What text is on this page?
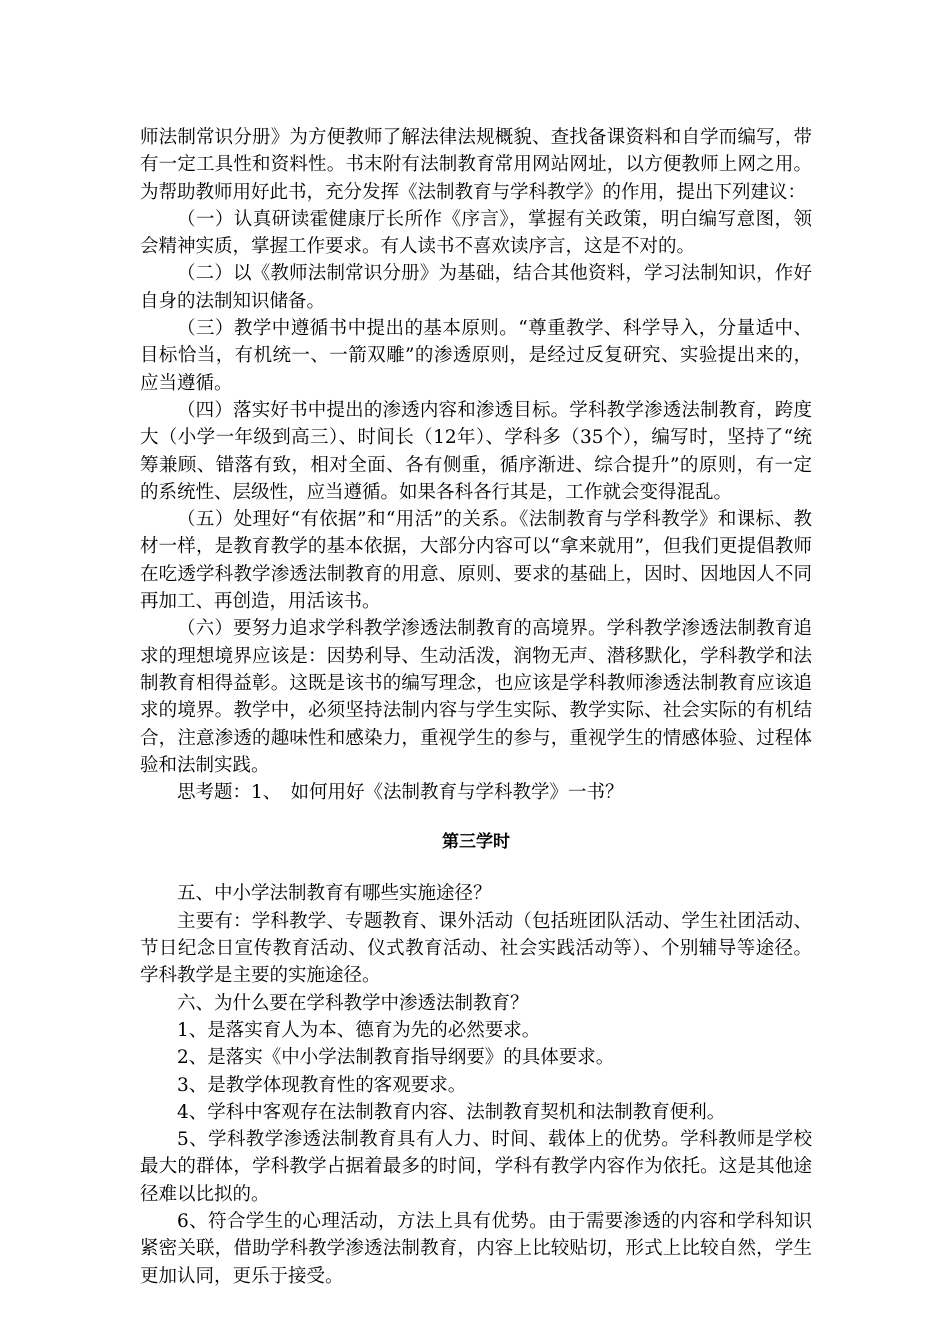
师法制常识分册》为方便教师了解法律法规概貌、查找备课资料和自学而编写，带有一定工具性和资料性。书末附有法制教育常用网站网址，以方便教师上网之用。为帮助教师用好此书，充分发挥《法制教育与学科教学》的作用，提出下列建议：

（一）认真研读霍健康厅长所作《序言》，掌握有关政策，明白编写意图，领会精神实质，掌握工作要求。有人读书不喜欢读序言，这是不对的。

（二）以《教师法制常识分册》为基础，结合其他资料，学习法制知识，作好自身的法制知识储备。

（三）教学中遵循书中提出的基本原则。“尊重教学、科学导入，分量适中、目标恰当，有机统一、一箭双雕”的渗透原则，是经过反复研究、实验提出来的，应当遵循。

（四）落实好书中提出的渗透内容和渗透目标。学科教学渗透法制教育，跨度大（小学一年级到高三）、时间长（12年）、学科多（35个），编写时，坚持了“统筹兼顾、错落有致，相对全面、各有侧重，循序渐进、综合提升”的原则，有一定的系统性、层级性，应当遵循。如果各科各行其是，工作就会变得混乱。

（五）处理好“有依据”和“用活”的关系。《法制教育与学科教学》和课标、教材一样，是教育教学的基本依据，大部分内容可以“拿来就用”，但我们更提倡教师在吃透学科教学渗透法制教育的用意、原则、要求的基础上，因时、因地因人不同再加工、再创造，用活该书。

（六）要努力追求学科教学渗透法制教育的高境界。学科教学渗透法制教育追求的理想境界应该是：因势利导、生动活泼，润物无声、潜移默化，学科教学和法制教育相得益彰。这既是该书的编写理念，也应该是学科教师渗透法制教育应该追求的境界。教学中，必须坚持法制内容与学生实际、教学实际、社会实际的有机结合，注意渗透的趣味性和感染力，重视学生的参与，重视学生的情感体验、过程体验和法制实践。

思考题：1、　如何用好《法制教育与学科教学》一书？

第三学时

五、中小学法制教育有哪些实施途径？

主要有：学科教学、专题教育、课外活动（包括班团队活动、学生社团活动、节日纪念日宣传教育活动、仪式教育活动、社会实践活动等）、个别辅导等途径。学科教学是主要的实施途径。

六、为什么要在学科教学中渗透法制教育？

1、是落实育人为本、德育为先的必然要求。

2、是落实《中小学法制教育指导纲要》的具体要求。

3、是教学体现教育性的客观要求。

4、学科中客观存在法制教育内容、法制教育契机和法制教育便利。

5、学科教学渗透法制教育具有人力、时间、载体上的优势。学科教师是学校最大的群体，学科教学占据着最多的时间，学科有教学内容作为依托。这是其他途径难以比拟的。

6、符合学生的心理活动，方法上具有优势。由于需要渗透的内容和学科知识紧密关联，借助学科教学渗透法制教育，内容上比较贴切，形式上比较自然，学生更加认同，更乐于接受。
